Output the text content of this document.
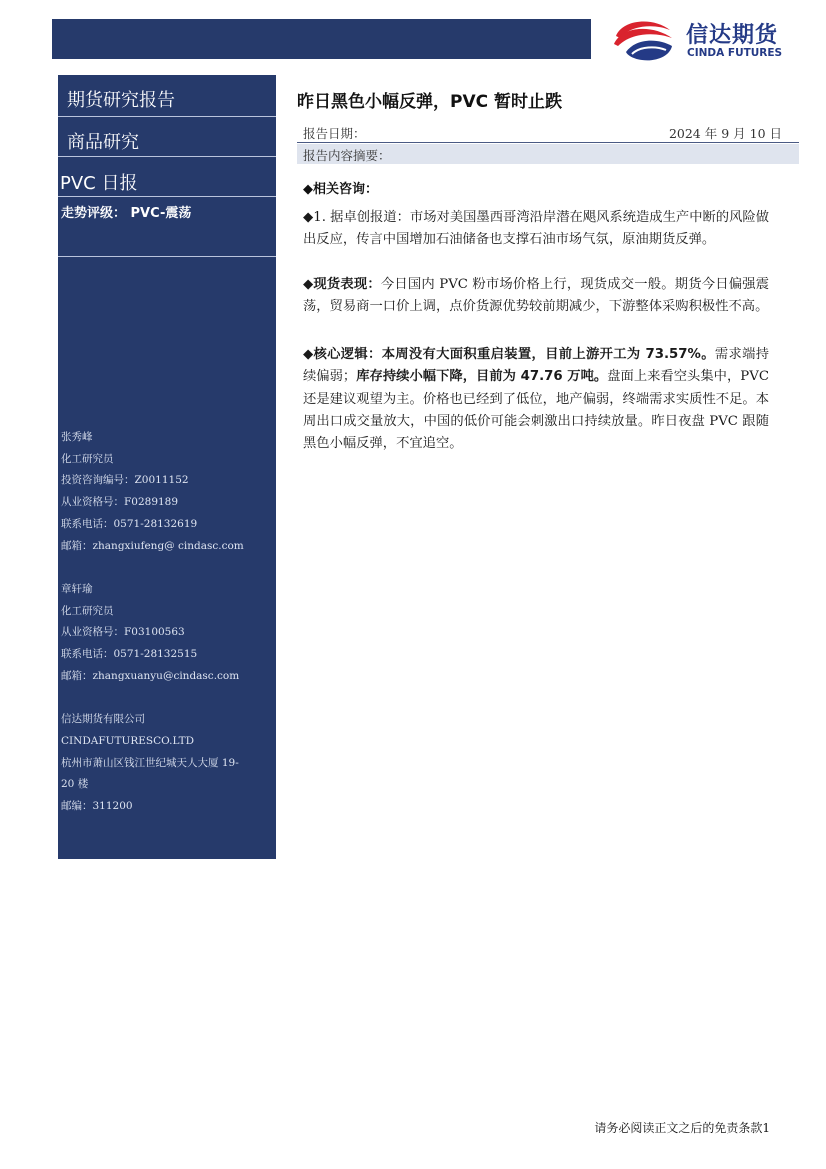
信达期货
CINDA FUTURES
期货研究报告
商品研究
PVC 日报
走势评级： PVC-震荡
张秀峰
化工研究员
投资咨询编号：Z0011152
从业资格号：F0289189
联系电话：0571-28132619
邮箱：zhangxiufeng@ cindasc.com
章轩瑜
化工研究员
从业资格号：F03100563
联系电话：0571-28132515
邮箱：zhangxuanyu@cindasc.com
信达期货有限公司
CINDAFUTURESCO.LTD
杭州市萧山区钱江世纪城天人大厦 19-
20 楼
邮编：311200
昨日黑色小幅反弹，PVC 暂时止跌
报告日期：	2024 年 9 月 10 日
报告内容摘要：
◆相关咨询：
◆1. 据卓创报道：市场对美国墨西哥湾沿岸潜在飓风系统造成生产中断的风险做出反应，传言中国增加石油储备也支撑石油市场气氛，原油期货反弹。
◆现货表现：今日国内 PVC 粉市场价格上行，现货成交一般。期货今日偏强震荡，贸易商一口价上调，点价货源优势较前期减少，下游整体采购积极性不高。
◆核心逻辑：本周没有大面积重启装置，目前上游开工为 73.57%。需求端持续偏弱；库存持续小幅下降，目前为 47.76 万吨。盘面上来看空头集中，PVC 还是建议观望为主。价格也已经到了低位，地产偏弱，终端需求实质性不足。本周出口成交量放大，中国的低价可能会刺激出口持续放量。昨日夜盘 PVC 跟随黑色小幅反弹，不宜追空。
请务必阅读正文之后的免责条款1
